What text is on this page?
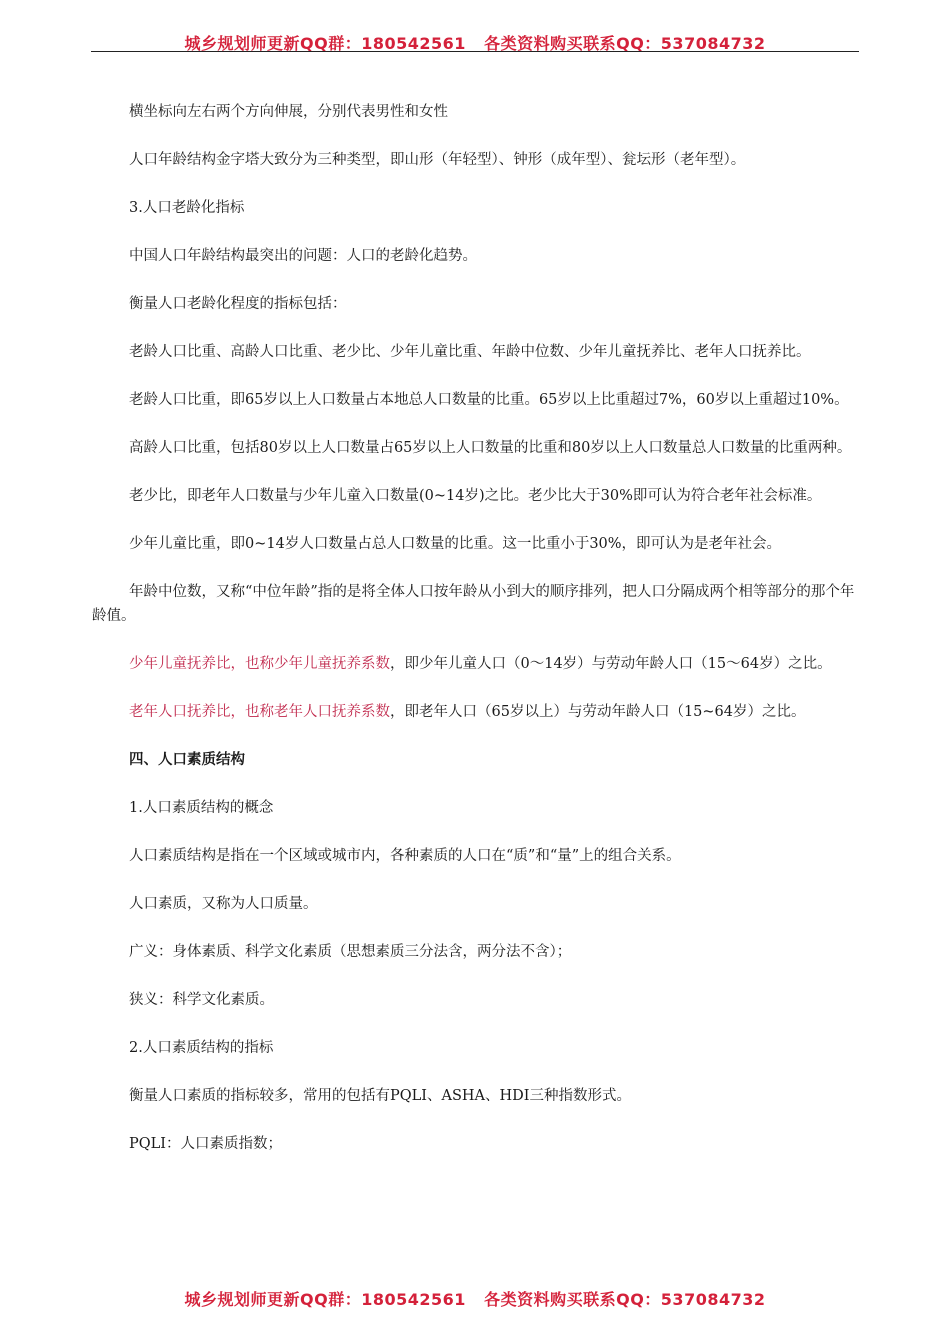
城乡规划师更新QQ群：180542561   各类资料购买联系QQ：537084732

横坐标向左右两个方向伸展，分别代表男性和女性

人口年龄结构金字塔大致分为三种类型，即山形（年轻型）、钟形（成年型）、瓮坛形（老年型）。

3.人口老龄化指标

中国人口年龄结构最突出的问题：人口的老龄化趋势。

衡量人口老龄化程度的指标包括：

老龄人口比重、高龄人口比重、老少比、少年儿童比重、年龄中位数、少年儿童抚养比、老年人口抚养比。

老龄人口比重，即65岁以上人口数量占本地总人口数量的比重。65岁以上比重超过7%，60岁以上重超过10%。

高龄人口比重，包括80岁以上人口数量占65岁以上人口数量的比重和80岁以上人口数量总人口数量的比重两种。

老少比，即老年人口数量与少年儿童入口数量(0~14岁)之比。老少比大于30%即可认为符合老年社会标准。

少年儿童比重，即0~14岁人口数量占总人口数量的比重。这一比重小于30%，即可认为是老年社会。

年龄中位数，又称“中位年龄”指的是将全体人口按年龄从小到大的顺序排列，把人口分隔成两个相等部分的那个年龄值。

少年儿童抚养比，也称少年儿童抚养系数，即少年儿童人口（0～14岁）与劳动年龄人口（15～64岁）之比。

老年人口抚养比，也称老年人口抚养系数，即老年人口（65岁以上）与劳动年龄人口（15~64岁）之比。

四、人口素质结构

1.人口素质结构的概念

人口素质结构是指在一个区域或城市内，各种素质的人口在“质”和“量”上的组合关系。

人口素质，又称为人口质量。

广义：身体素质、科学文化素质（思想素质三分法含，两分法不含）；

狭义：科学文化素质。

2.人口素质结构的指标

衡量人口素质的指标较多，常用的包括有PQLI、ASHA、HDI三种指数形式。

PQLI：人口素质指数；

城乡规划师更新QQ群：180542561   各类资料购买联系QQ：537084732
